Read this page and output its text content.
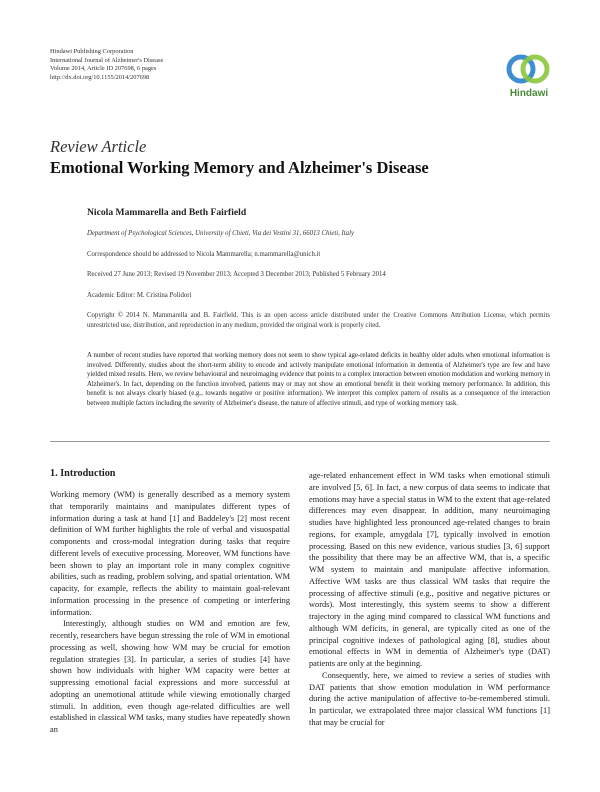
Hindawi Publishing Corporation
International Journal of Alzheimer's Disease
Volume 2014, Article ID 207698, 6 pages
http://dx.doi.org/10.1155/2014/207698
Hindawi
Review Article
Emotional Working Memory and Alzheimer's Disease
Nicola Mammarella and Beth Fairfield
Department of Psychological Sciences, University of Chieti, Via dei Vestini 31, 66013 Chieti, Italy
Correspondence should be addressed to Nicola Mammarella; n.mammarella@unich.it
Received 27 June 2013; Revised 19 November 2013; Accepted 3 December 2013; Published 5 February 2014
Academic Editor: M. Cristina Polidori
Copyright © 2014 N. Mammarella and B. Fairfield. This is an open access article distributed under the Creative Commons Attribution License, which permits unrestricted use, distribution, and reproduction in any medium, provided the original work is properly cited.
A number of recent studies have reported that working memory does not seem to show typical age-related deficits in healthy older adults when emotional information is involved. Differently, studies about the short-term ability to encode and actively manipulate emotional information in dementia of Alzheimer's type are few and have yielded mixed results. Here, we review behavioural and neuroimaging evidence that points to a complex interaction between emotion modulation and working memory in Alzheimer's. In fact, depending on the function involved, patients may or may not show an emotional benefit in their working memory performance. In addition, this benefit is not always clearly biased (e.g., towards negative or positive information). We interpret this complex pattern of results as a consequence of the interaction between multiple factors including the severity of Alzheimer's disease, the nature of affective stimuli, and type of working memory task.
1. Introduction

Working memory (WM) is generally described as a memory system that temporarily maintains and manipulates different types of information during a task at hand [1] and Baddeley's [2] most recent definition of WM further highlights the role of verbal and visuospatial components and cross-modal integration during tasks that require different levels of executive processing. Moreover, WM functions have been shown to play an important role in many complex cognitive abilities, such as reading, problem solving, and spatial orientation. WM capacity, for example, reflects the ability to maintain goal-relevant information processing in the presence of competing or interfering information.

Interestingly, although studies on WM and emotion are few, recently, researchers have begun stressing the role of WM in emotional processing as well, showing how WM may be crucial for emotion regulation strategies [3]. In particular, a series of studies [4] have shown how individuals with higher WM capacity were better at suppressing emotional facial expressions and more successful at adopting an unemotional attitude while viewing emotionally charged stimuli. In addition, even though age-related difficulties are well established in classical WM tasks, many studies have repeatedly shown an

age-related enhancement effect in WM tasks when emotional stimuli are involved [5, 6]. In fact, a new corpus of data seems to indicate that emotions may have a special status in WM to the extent that age-related differences may even disappear. In addition, many neuroimaging studies have highlighted less pronounced age-related changes to brain regions, for example, amygdala [7], typically involved in emotion processing. Based on this new evidence, various studies [3, 6] support the possibility that there may be an affective WM, that is, a specific WM system to maintain and manipulate affective information. Affective WM tasks are thus classical WM tasks that require the processing of affective stimuli (e.g., positive and negative pictures or words). Most interestingly, this system seems to show a different trajectory in the aging mind compared to classical WM functions and although WM deficits, in general, are typically cited as one of the principal cognitive indexes of pathological aging [8], studies about emotional effects in WM in dementia of Alzheimer's type (DAT) patients are only at the beginning.

Consequently, here, we aimed to review a series of studies with DAT patients that show emotion modulation in WM performance during the active manipulation of affective to-be-remembered stimuli. In particular, we extrapolated three major classical WM functions [1] that may be crucial for
